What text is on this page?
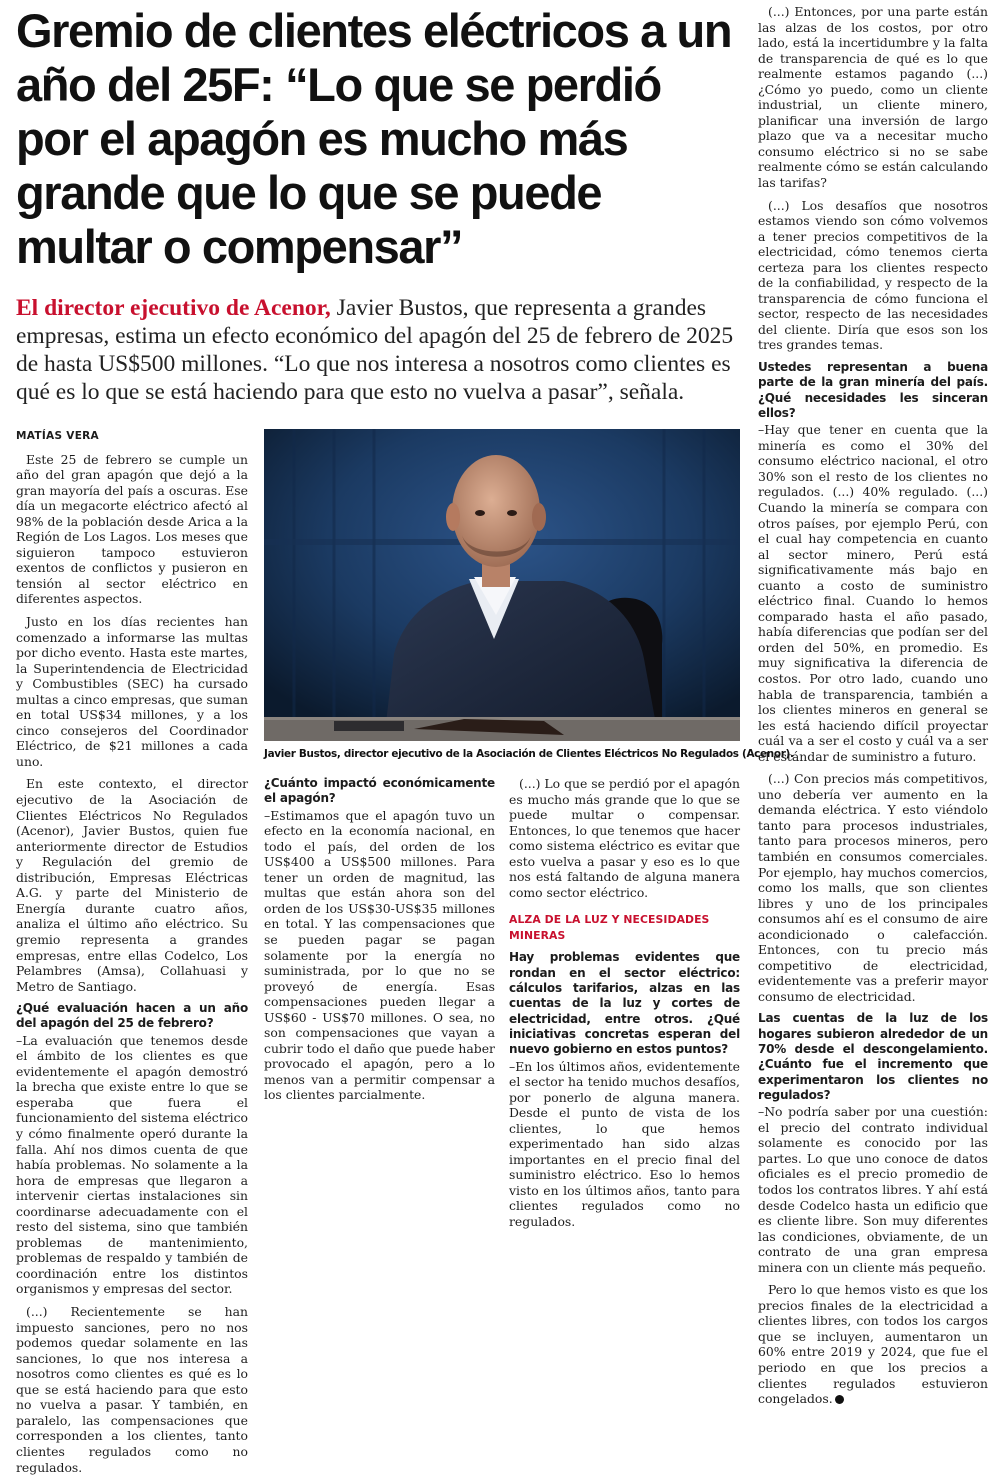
Gremio de clientes eléctricos a un año del 25F: “Lo que se perdió por el apagón es mucho más grande que lo que se puede multar o compensar”

El director ejecutivo de Acenor, Javier Bustos, que representa a grandes empresas, estima un efecto económico del apagón del 25 de febrero de 2025 de hasta US$500 millones. “Lo que nos interesa a nosotros como clientes es qué es lo que se está haciendo para que esto no vuelva a pasar”, señala.

MATÍAS VERA

Este 25 de febrero se cumple un año del gran apagón que dejó a la gran mayoría del país a oscuras. Ese día un megacorte eléctrico afectó al 98% de la población desde Arica a la Región de Los Lagos. Los meses que siguieron tampoco estuvieron exentos de conflictos y pusieron en tensión al sector eléctrico en diferentes aspectos.

Justo en los días recientes han comenzado a informarse las multas por dicho evento. Hasta este martes, la Superintendencia de Electricidad y Combustibles (SEC) ha cursado multas a cinco empresas, que suman en total US$34 millones, y a los cinco consejeros del Coordinador Eléctrico, de $21 millones a cada uno.

En este contexto, el director ejecutivo de la Asociación de Clientes Eléctricos No Regulados (Acenor), Javier Bustos, quien fue anteriormente director de Estudios y Regulación del gremio de distribución, Empresas Eléctricas A.G. y parte del Ministerio de Energía durante cuatro años, analiza el último año eléctrico. Su gremio representa a grandes empresas, entre ellas Codelco, Los Pelambres (Amsa), Collahuasi y Metro de Santiago.

¿Qué evaluación hacen a un año del apagón del 25 de febrero?

–La evaluación que tenemos desde el ámbito de los clientes es que evidentemente el apagón demostró la brecha que existe entre lo que se esperaba que fuera el funcionamiento del sistema eléctrico y cómo finalmente operó durante la falla. Ahí nos dimos cuenta de que había problemas. No solamente a la hora de empresas que llegaron a intervenir ciertas instalaciones sin coordinarse adecuadamente con el resto del sistema, sino que también problemas de mantenimiento, problemas de respaldo y también de coordinación entre los distintos organismos y empresas del sector.

(...) Recientemente se han impuesto sanciones, pero no nos podemos quedar solamente en las sanciones, lo que nos interesa a nosotros como clientes es qué es lo que se está haciendo para que esto no vuelva a pasar. Y también, en paralelo, las compensaciones que corresponden a los clientes, tanto clientes regulados como no regulados.

Javier Bustos, director ejecutivo de la Asociación de Clientes Eléctricos No Regulados (Acenor).

¿Cuánto impactó económicamente el apagón?

–Estimamos que el apagón tuvo un efecto en la economía nacional, en todo el país, del orden de los US$400 a US$500 millones. Para tener un orden de magnitud, las multas que están ahora son del orden de los US$30-US$35 millones en total. Y las compensaciones que se pueden pagar se pagan solamente por la energía no suministrada, por lo que no se proveyó de energía. Esas compensaciones pueden llegar a US$60 - US$70 millones. O sea, no son compensaciones que vayan a cubrir todo el daño que puede haber provocado el apagón, pero a lo menos van a permitir compensar a los clientes parcialmente.

(...) Lo que se perdió por el apagón es mucho más grande que lo que se puede multar o compensar. Entonces, lo que tenemos que hacer como sistema eléctrico es evitar que esto vuelva a pasar y eso es lo que nos está faltando de alguna manera como sector eléctrico.

ALZA DE LA LUZ Y NECESIDADES MINERAS

Hay problemas evidentes que rondan en el sector eléctrico: cálculos tarifarios, alzas en las cuentas de la luz y cortes de electricidad, entre otros. ¿Qué iniciativas concretas esperan del nuevo gobierno en estos puntos?

–En los últimos años, evidentemente el sector ha tenido muchos desafíos, por ponerlo de alguna manera. Desde el punto de vista de los clientes, lo que hemos experimentado han sido alzas importantes en el precio final del suministro eléctrico. Eso lo hemos visto en los últimos años, tanto para clientes regulados como no regulados.

(...) Entonces, por una parte están las alzas de los costos, por otro lado, está la incertidumbre y la falta de transparencia de qué es lo que realmente estamos pagando (...) ¿Cómo yo puedo, como un cliente industrial, un cliente minero, planificar una inversión de largo plazo que va a necesitar mucho consumo eléctrico si no se sabe realmente cómo se están calculando las tarifas?

(...) Los desafíos que nosotros estamos viendo son cómo volvemos a tener precios competitivos de la electricidad, cómo tenemos cierta certeza para los clientes respecto de la confiabilidad, y respecto de la transparencia de cómo funciona el sector, respecto de las necesidades del cliente. Diría que esos son los tres grandes temas.

Ustedes representan a buena parte de la gran minería del país. ¿Qué necesidades les sinceran ellos?

–Hay que tener en cuenta que la minería es como el 30% del consumo eléctrico nacional, el otro 30% son el resto de los clientes no regulados. (...) 40% regulado. (...) Cuando la minería se compara con otros países, por ejemplo Perú, con el cual hay competencia en cuanto al sector minero, Perú está significativamente más bajo en cuanto a costo de suministro eléctrico final. Cuando lo hemos comparado hasta el año pasado, había diferencias que podían ser del orden del 50%, en promedio. Es muy significativa la diferencia de costos. Por otro lado, cuando uno habla de transparencia, también a los clientes mineros en general se les está haciendo difícil proyectar cuál va a ser el costo y cuál va a ser el estándar de suministro a futuro.

(...) Con precios más competitivos, uno debería ver aumento en la demanda eléctrica. Y esto viéndolo tanto para procesos industriales, tanto para procesos mineros, pero también en consumos comerciales. Por ejemplo, hay muchos comercios, como los malls, que son clientes libres y uno de los principales consumos ahí es el consumo de aire acondicionado o calefacción. Entonces, con tu precio más competitivo de electricidad, evidentemente vas a preferir mayor consumo de electricidad.

Las cuentas de la luz de los hogares subieron alrededor de un 70% desde el descongelamiento. ¿Cuánto fue el incremento que experimentaron los clientes no regulados?

–No podría saber por una cuestión: el precio del contrato individual solamente es conocido por las partes. Lo que uno conoce de datos oficiales es el precio promedio de todos los contratos libres. Y ahí está desde Codelco hasta un edificio que es cliente libre. Son muy diferentes las condiciones, obviamente, de un contrato de una gran empresa minera con un cliente más pequeño.

Pero lo que hemos visto es que los precios finales de la electricidad a clientes libres, con todos los cargos que se incluyen, aumentaron un 60% entre 2019 y 2024, que fue el periodo en que los precios a clientes regulados estuvieron congelados.
